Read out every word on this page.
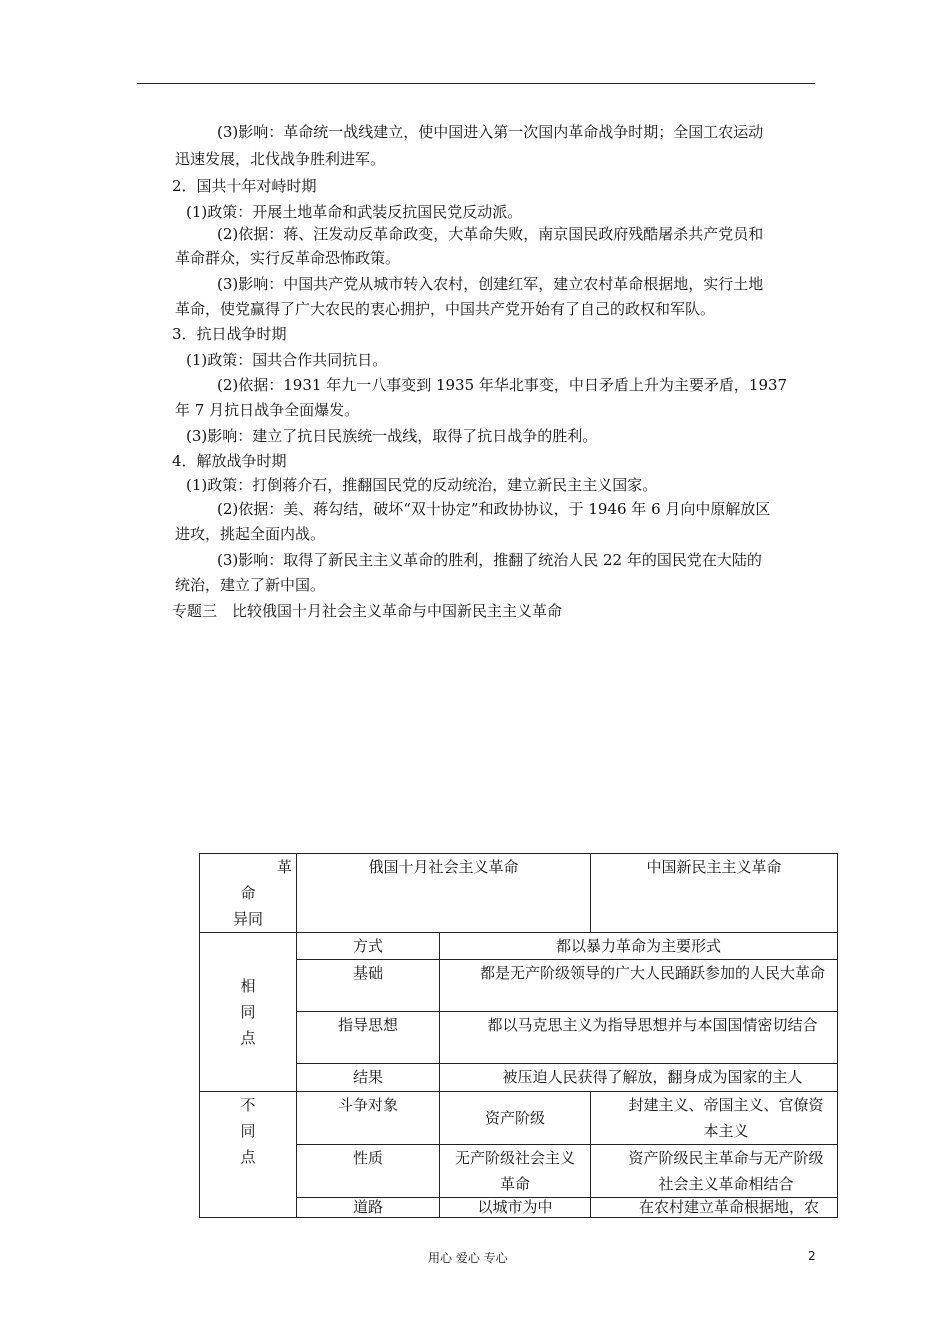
(3)影响：革命统一战线建立，使中国进入第一次国内革命战争时期；全国工农运动
迅速发展，北伐战争胜利进军。
2．国共十年对峙时期
(1)政策：开展土地革命和武装反抗国民党反动派。
(2)依据：蒋、汪发动反革命政变，大革命失败，南京国民政府残酷屠杀共产党员和
革命群众，实行反革命恐怖政策。
(3)影响：中国共产党从城市转入农村，创建红军，建立农村革命根据地，实行土地
革命，使党赢得了广大农民的衷心拥护，中国共产党开始有了自己的政权和军队。
3．抗日战争时期
(1)政策：国共合作共同抗日。
(2)依据：1931 年九一八事变到 1935 年华北事变，中日矛盾上升为主要矛盾，1937
年 7 月抗日战争全面爆发。
(3)影响：建立了抗日民族统一战线，取得了抗日战争的胜利。
4．解放战争时期
(1)政策：打倒蒋介石，推翻国民党的反动统治，建立新民主主义国家。
(2)依据：美、蒋勾结，破坏“双十协定”和政协协议，于 1946 年 6 月向中原解放区
进攻，挑起全面内战。
(3)影响：取得了新民主主义革命的胜利，推翻了统治人民 22 年的国民党在大陆的
统治，建立了新中国。
专题三　比较俄国十月社会主义革命与中国新民主主义革命
革
命
异同	俄国十月社会主义革命		中国新民主主义革命

相
同
点	方式	都以暴力革命为主要形式	
	基础	都是无产阶级领导的广大人民踊跃参加的人民大革命	
	指导思想	都以马克思主义为指导思想并与本国国情密切结合	
	结果	被压迫人民获得了解放，翻身成为国家的主人	

不
同
点	斗争对象	资产阶级	封建主义、帝国主义、官僚资本主义
	性质	无产阶级社会主义革命	资产阶级民主革命与无产阶级社会主义革命相结合
	道路	以城市为中	在农村建立革命根据地，农
用心 爱心 专心	2
